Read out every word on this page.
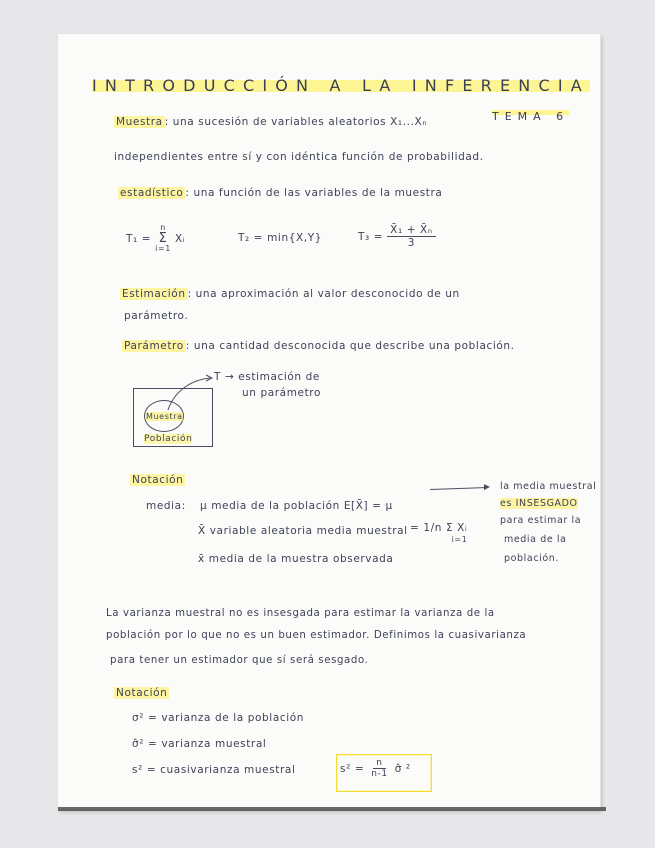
INTRODUCCIÓN A LA INFERENCIA
TEMA 6
Muestra : una sucesión de variables aleatorios X₁...Xₙ
independientes entre sí y con idéntica función de probabilidad.
estadístico : una función de las variables de la muestra
T₁ =
n
Σ
i=1
Xᵢ	T₂ = min{X,Y}	$T_3 = \frac{\text{X̄₁ + X̄ₙ}}{3}$
Estimación : una aproximación al valor desconocido de un
parámetro.
Parámetro : una cantidad desconocida que describe una población.
Muestra
Población
T → estimación de
un parámetro
Notación
media: μ media de la población E[X̄] = μ
X̄ variable aleatoria media muestral = 1/n Σ Xᵢ
i=1
x̄ media de la muestra observada
la media muestral
es INSESGADO
para estimar la
media de la
población.
La varianza muestral no es insesgada para estimar la varianza de la
población por lo que no es un buen estimador. Definimos la cuasivarianza
para tener un estimador que sí será sesgado.
Notación
σ² = varianza de la población
σ̂² = varianza muestral
s² = cuasivarianza muestral	$s^2 = \frac{n}{n-1}$ σ̂ ²
